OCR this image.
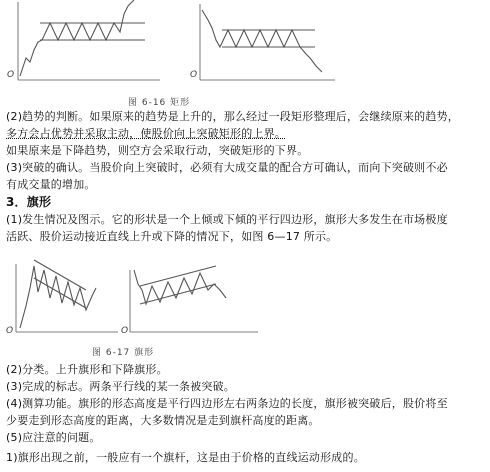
O	O
图 6-16 矩形
(2)趋势的判断。如果原来的趋势是上升的，那么经过一段矩形整理后，会继续原来的趋势，
多方会占优势并采取主动，使股价向上突破矩形的上界。
如果原来是下降趋势，则空方会采取行动，突破矩形的下界。
(3)突破的确认。当股价向上突破时，必须有大成交量的配合方可确认，而向下突破则不必
有成交量的增加。
3．旗形
(1)发生情况及图示。它的形状是一个上倾或下倾的平行四边形，旗形大多发生在市场极度
活跃、股价运动接近直线上升或下降的情况下，如图 6—17 所示。
O	O
图 6-17 旗形
(2)分类。上升旗形和下降旗形。
(3)完成的标志。两条平行线的某一条被突破。
(4)测算功能。旗形的形态高度是平行四边形左右两条边的长度，旗形被突破后，股价将至
少要走到形态高度的距离，大多数情况是走到旗杆高度的距离。
(5)应注意的问题。
1)旗形出现之前，一般应有一个旗杆，这是由于价格的直线运动形成的。
